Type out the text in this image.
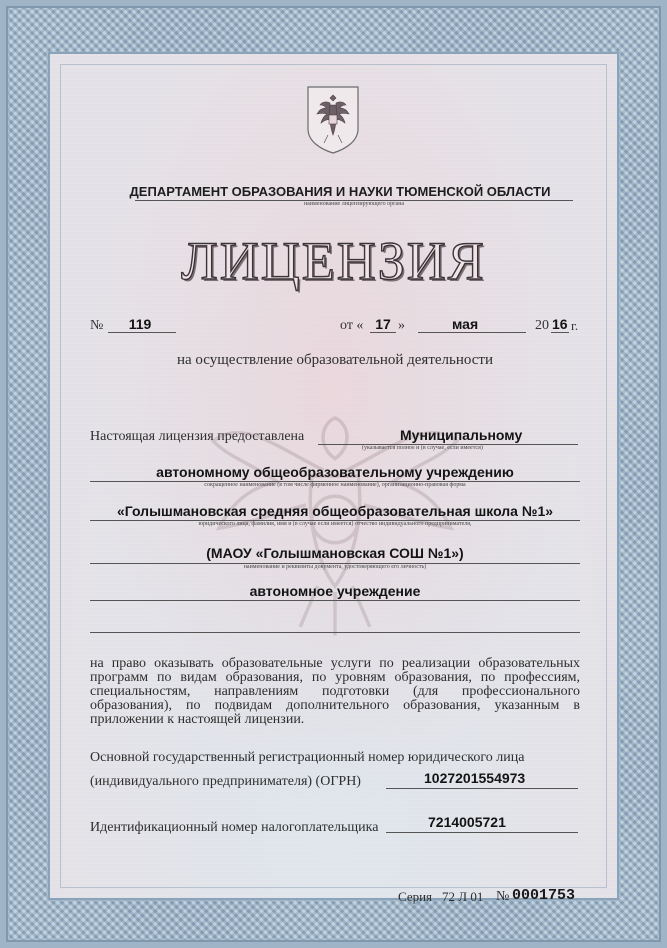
ДЕПАРТАМЕНТ ОБРАЗОВАНИЯ И НАУКИ ТЮМЕНСКОЙ ОБЛАСТИ
наименование лицензирующего органа
ЛИЦЕНЗИЯ
№	119	от « 17 »	мая	20 16 г.
на осуществление образовательной деятельности
Настоящая лицензия предоставлена	Муниципальному
(указывается полное и (в случае, если имеется)
автономному общеобразовательному учреждению
сокращенное наименование (в том числе фирменное наименование), организационно-правовая форма
«Голышмановская средняя общеобразовательная школа №1»
юридического лица, фамилия, имя и (в случае если имеется) отчество индивидуального предпринимателя,
(МАОУ «Голышмановская СОШ №1»)
наименование и реквизиты документа, удостоверяющего его личность)
автономное учреждение
на право оказывать образовательные услуги по реализации образовательных
программ по видам образования, по уровням образования, по профессиям,
специальностям, направлениям подготовки (для профессионального
образования), по подвидам дополнительного образования, указанным в
приложении к настоящей лицензии.
Основной государственный регистрационный номер юридического лица
(индивидуального предпринимателя) (ОГРН)	1027201554973
Идентификационный номер налогоплательщика	7214005721
Серия 72 Л 01 № 0001753
